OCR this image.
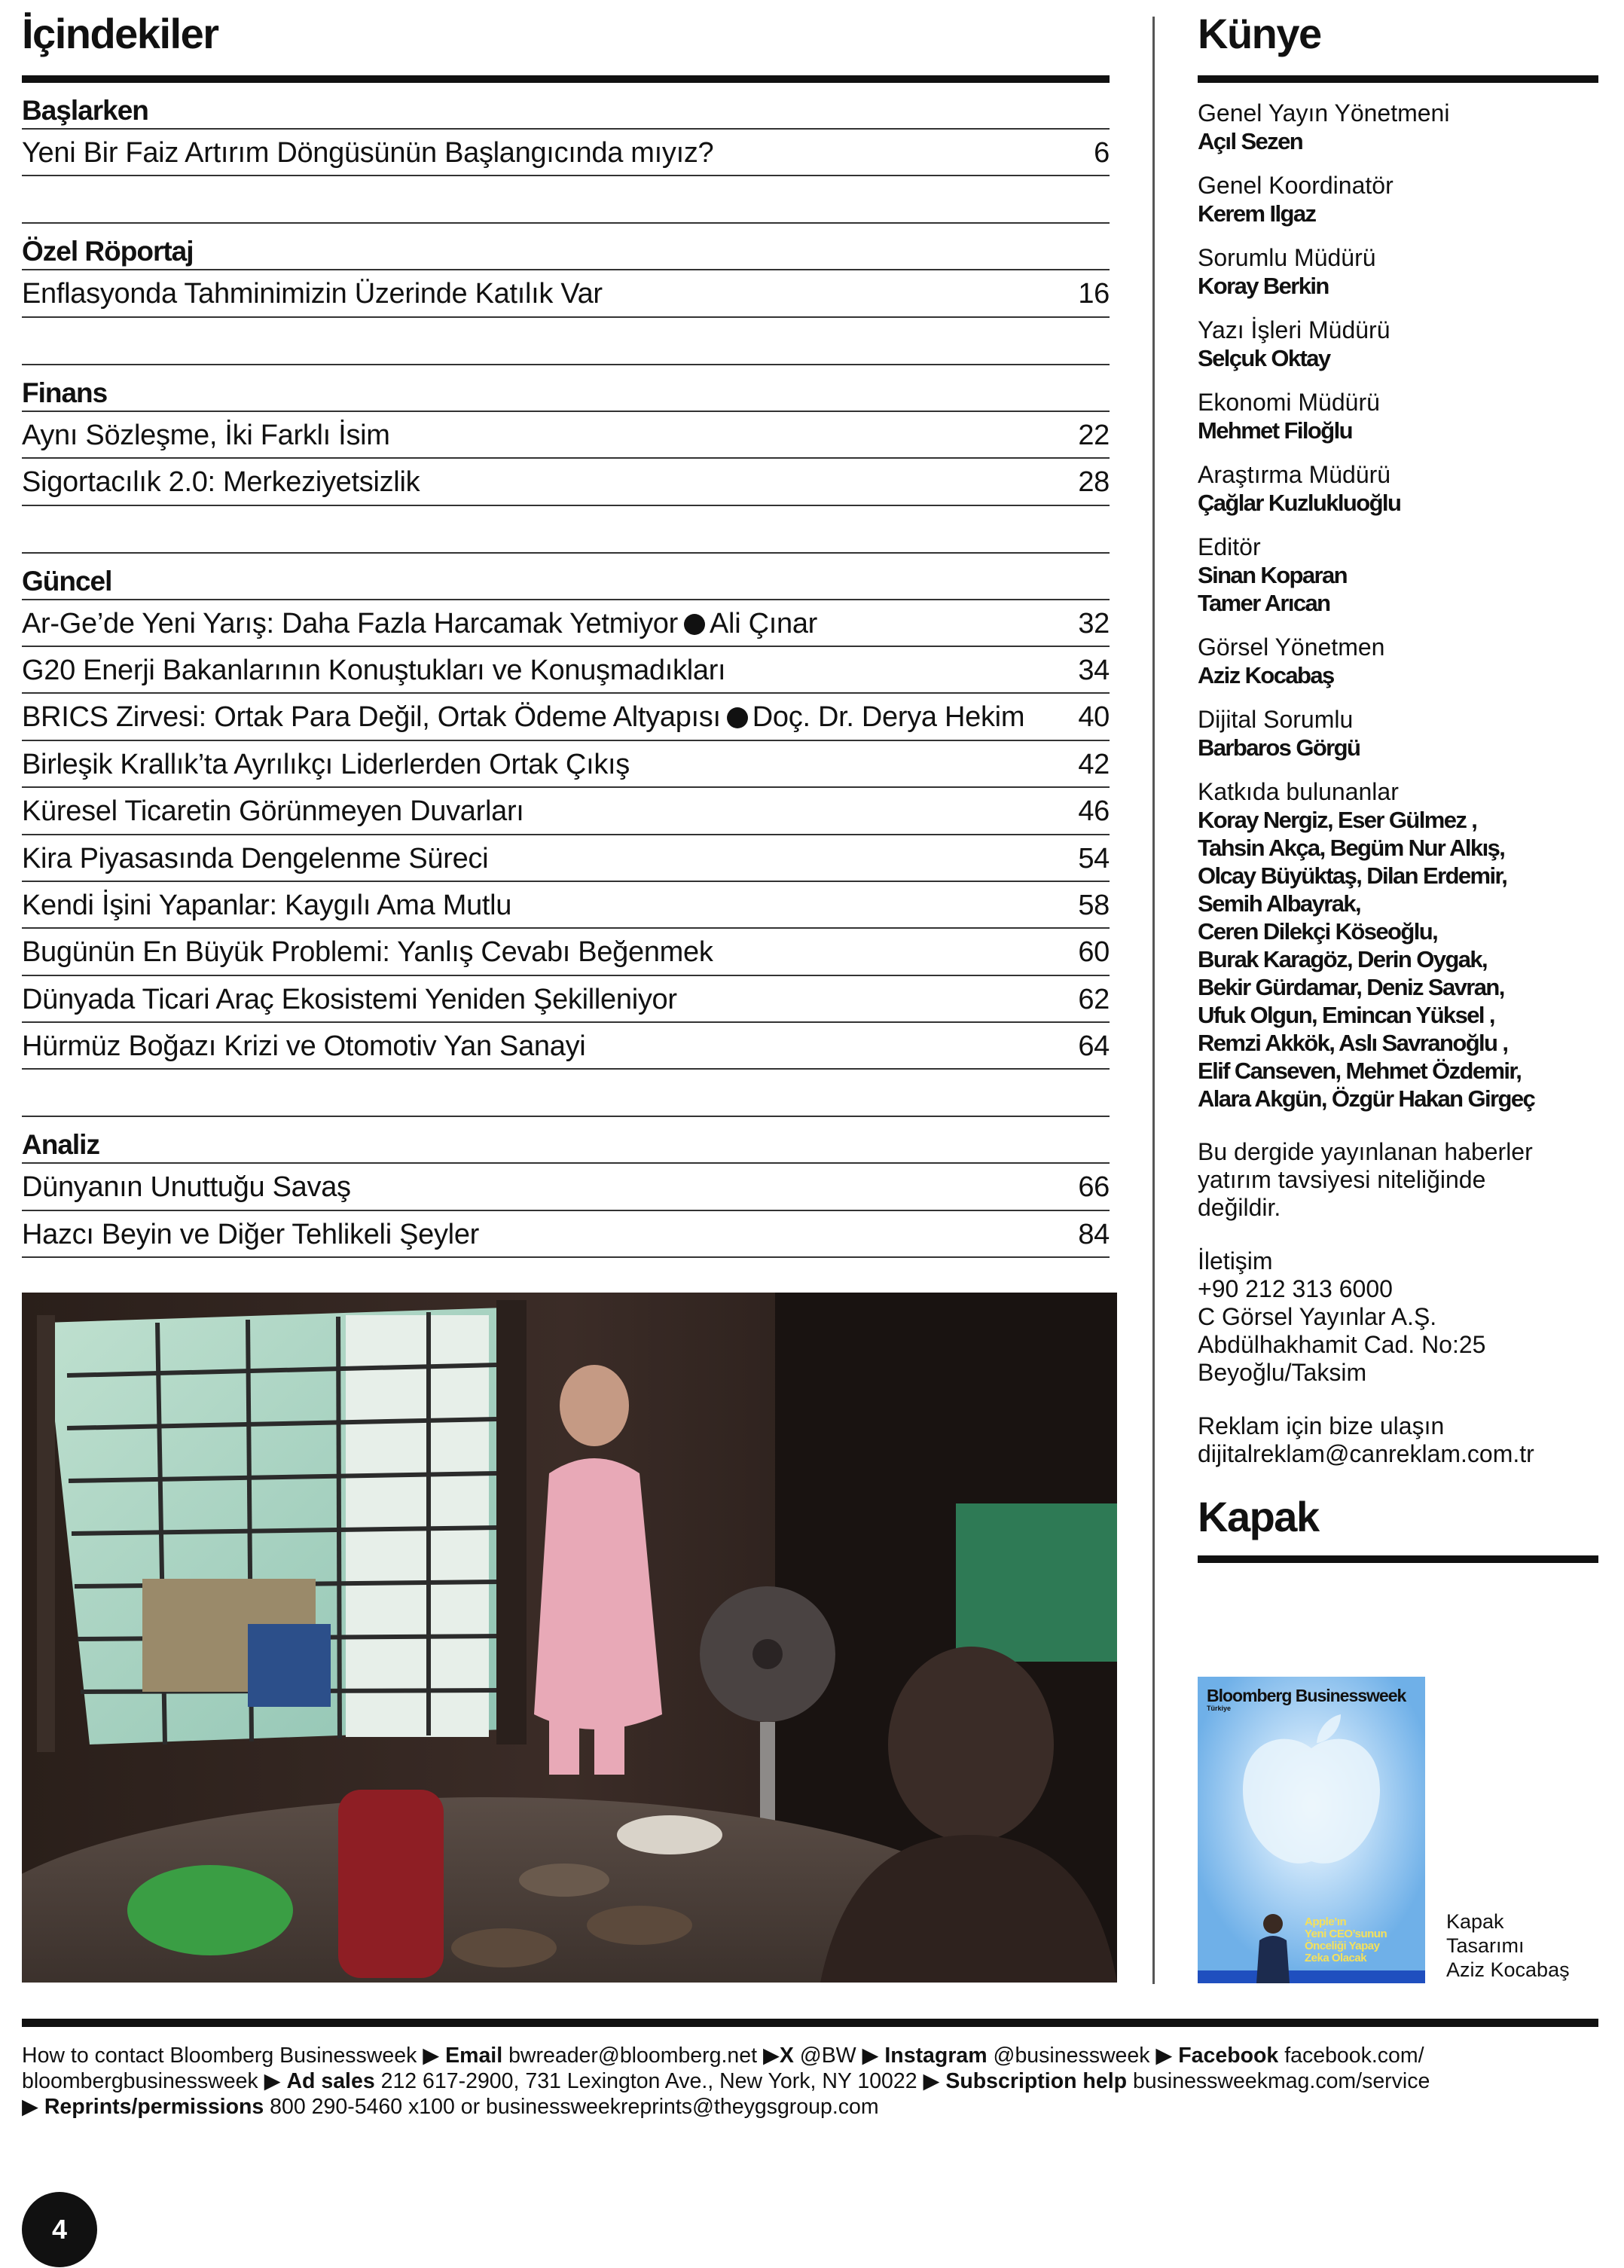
İçindekiler
Başlarken
Yeni Bir Faiz Artırım Döngüsünün Başlangıcında mıyız?	6
Özel Röportaj
Enflasyonda Tahminimizin Üzerinde Katılık Var	16
Finans
Aynı Sözleşme, İki Farklı İsim	22
Sigortacılık 2.0: Merkeziyetsizlik	28
Güncel
Ar-Ge’de Yeni Yarış: Daha Fazla Harcamak Yetmiyor Ali Çınar	32
G20 Enerji Bakanlarının Konuştukları ve Konuşmadıkları	34
BRICS Zirvesi: Ortak Para Değil, Ortak Ödeme Altyapısı Doç. Dr. Derya Hekim 40
Birleşik Krallık’ta Ayrılıkçı Liderlerden Ortak Çıkış	42
Küresel Ticaretin Görünmeyen Duvarları	46
Kira Piyasasında Dengelenme Süreci	54
Kendi İşini Yapanlar: Kaygılı Ama Mutlu	58
Bugünün En Büyük Problemi: Yanlış Cevabı Beğenmek	60
Dünyada Ticari Araç Ekosistemi Yeniden Şekilleniyor	62
Hürmüz Boğazı Krizi ve Otomotiv Yan Sanayi	64
Analiz
Dünyanın Unuttuğu Savaş	66
Hazcı Beyin ve Diğer Tehlikeli Şeyler	84
Künye
Genel Yayın Yönetmeni
Açıl Sezen
Genel Koordinatör
Kerem Ilgaz
Sorumlu Müdürü
Koray Berkin
Yazı İşleri Müdürü
Selçuk Oktay
Ekonomi Müdürü
Mehmet Filoğlu
Araştırma Müdürü
Çağlar Kuzlukluoğlu
Editör
Sinan Koparan
Tamer Arıcan
Görsel Yönetmen
Aziz Kocabaş
Dijital Sorumlu
Barbaros Görgü
Katkıda bulunanlar
Koray Nergiz, Eser Gülmez ,
Tahsin Akça, Begüm Nur Alkış,
Olcay Büyüktaş, Dilan Erdemir,
Semih Albayrak,
Ceren Dilekçi Köseoğlu,
Burak Karagöz, Derin Oygak,
Bekir Gürdamar, Deniz Savran,
Ufuk Olgun, Emincan Yüksel ,
Remzi Akkök, Aslı Savranoğlu ,
Elif Canseven, Mehmet Özdemir,
Alara Akgün, Özgür Hakan Girgeç
Bu dergide yayınlanan haberler
yatırım tavsiyesi niteliğinde
değildir.
İletişim
+90 212 313 6000
C Görsel Yayınlar A.Ş.
Abdülhakhamit Cad. No:25
Beyoğlu/Taksim
Reklam için bize ulaşın
dijitalreklam@canreklam.com.tr
Kapak
Bloomberg Businessweek
Türkiye
Apple’ın
Yeni CEO’sunun
Önceliği Yapay
Zeka Olacak
Kapak
Tasarımı
Aziz Kocabaş
How to contact Bloomberg Businessweek ▶ Email bwreader@bloomberg.net ▶X @BW ▶ Instagram @businessweek ▶ Facebook facebook.com/
bloombergbusinessweek ▶ Ad sales 212 617-2900, 731 Lexington Ave., New York, NY 10022 ▶ Subscription help businessweekmag.com/service
▶ Reprints/permissions 800 290-5460 x100 or businessweekreprints@theygsgroup.com
4
